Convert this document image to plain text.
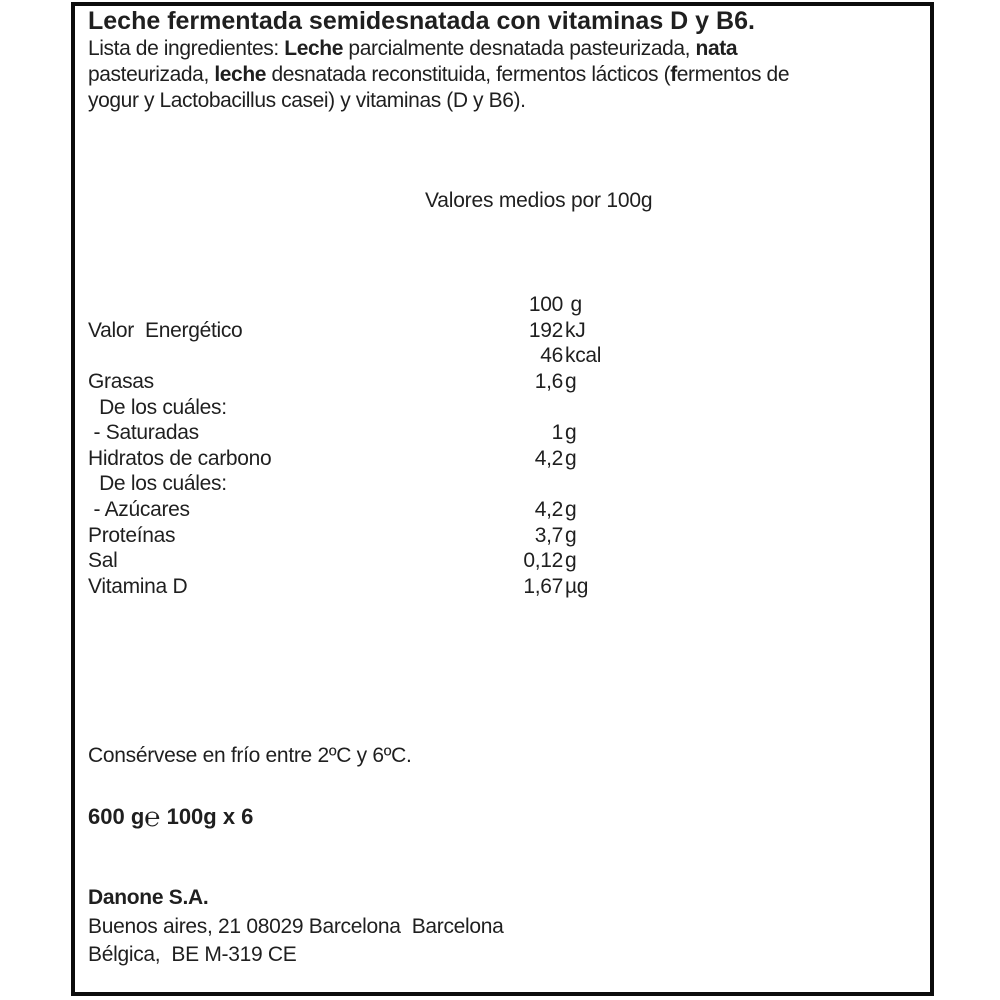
Leche fermentada semidesnatada con vitaminas D y B6.
Lista de ingredientes: Leche parcialmente desnatada pasteurizada, nata
pasteurizada, leche desnatada reconstituida, fermentos lácticos (fermentos de
yogur y Lactobacillus casei) y vitaminas (D y B6).
Valores medios por 100g
100 g
Valor  Energético	192 kJ
46 kcal
Grasas	1,6 g
De los cuáles:
- Saturadas	1 g
Hidratos de carbono	4,2 g
De los cuáles:
- Azúcares	4,2 g
Proteínas	3,7 g
Sal	0,12 g
Vitamina D	1,67 µg
Consérvese en frío entre 2ºC y 6ºC.
600 g℮ 100g x 6
Danone S.A.
Buenos aires, 21 08029 Barcelona  Barcelona
Bélgica,  BE M-319 CE
